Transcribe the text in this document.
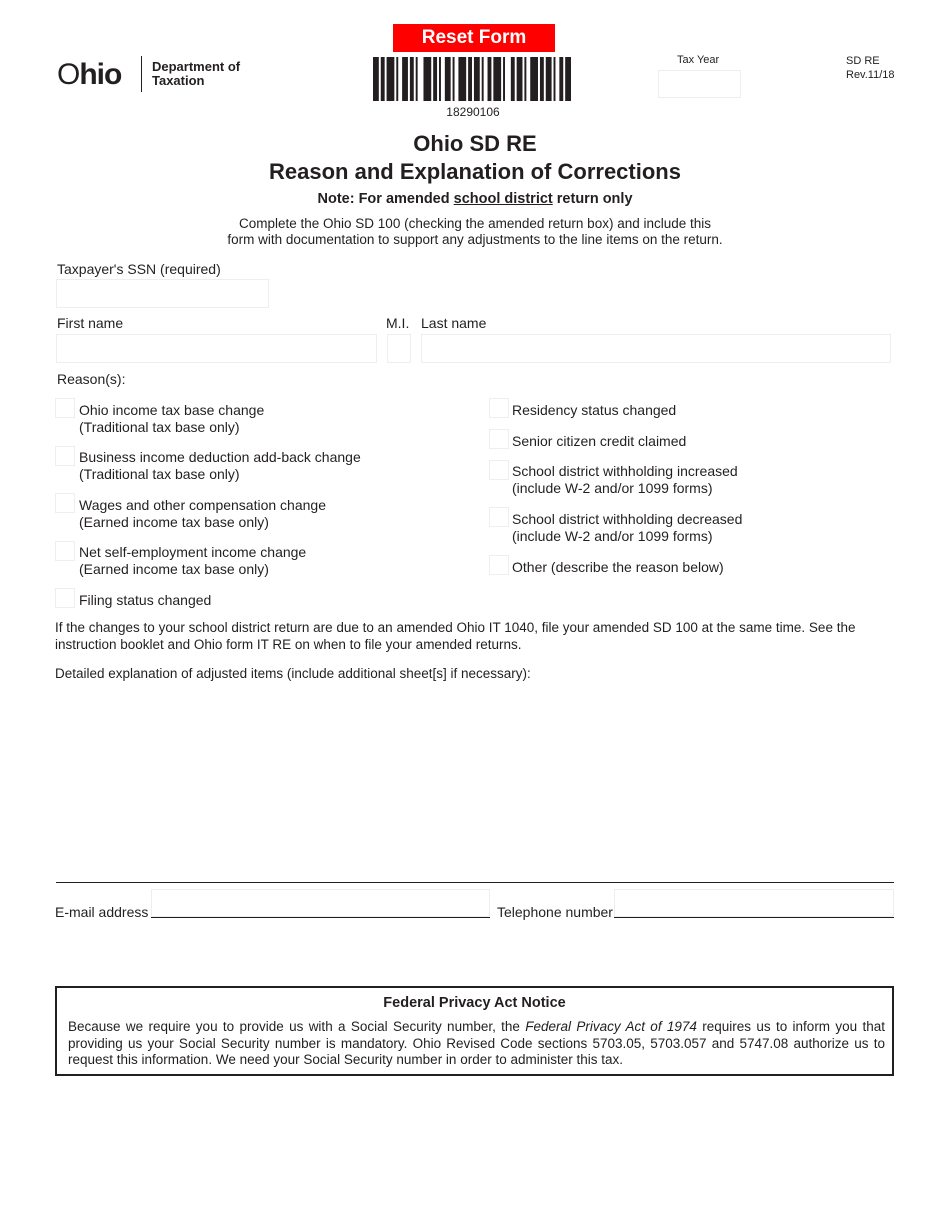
Ohio Department of
Taxation
Reset Form
18290106
Tax Year	SD RE
Rev.11/18
Ohio SD RE
Reason and Explanation of Corrections
Note: For amended school district return only
Complete the Ohio SD 100 (checking the amended return box) and include this
form with documentation to support any adjustments to the line items on the return.
Taxpayer's SSN (required)
First name	M.I. Last name
Reason(s):
Ohio income tax base change
(Traditional tax base only)
Business income deduction add-back change
(Traditional tax base only)
Wages and other compensation change
(Earned income tax base only)
Net self-employment income change
(Earned income tax base only)
Filing status changed
Residency status changed
Senior citizen credit claimed
School district withholding increased
(include W-2 and/or 1099 forms)
School district withholding decreased
(include W-2 and/or 1099 forms)
Other (describe the reason below)
If the changes to your school district return are due to an amended Ohio IT 1040, file your amended SD 100 at the same time. See the instruction booklet and Ohio form IT RE on when to file your amended returns.
Detailed explanation of adjusted items (include additional sheet[s] if necessary):
E-mail address	Telephone number
Federal Privacy Act Notice
Because we require you to provide us with a Social Security number, the Federal Privacy Act of 1974 requires us to inform you that providing us your Social Security number is mandatory. Ohio Revised Code sections 5703.05, 5703.057 and 5747.08 authorize us to request this information. We need your Social Security number in order to administer this tax.
